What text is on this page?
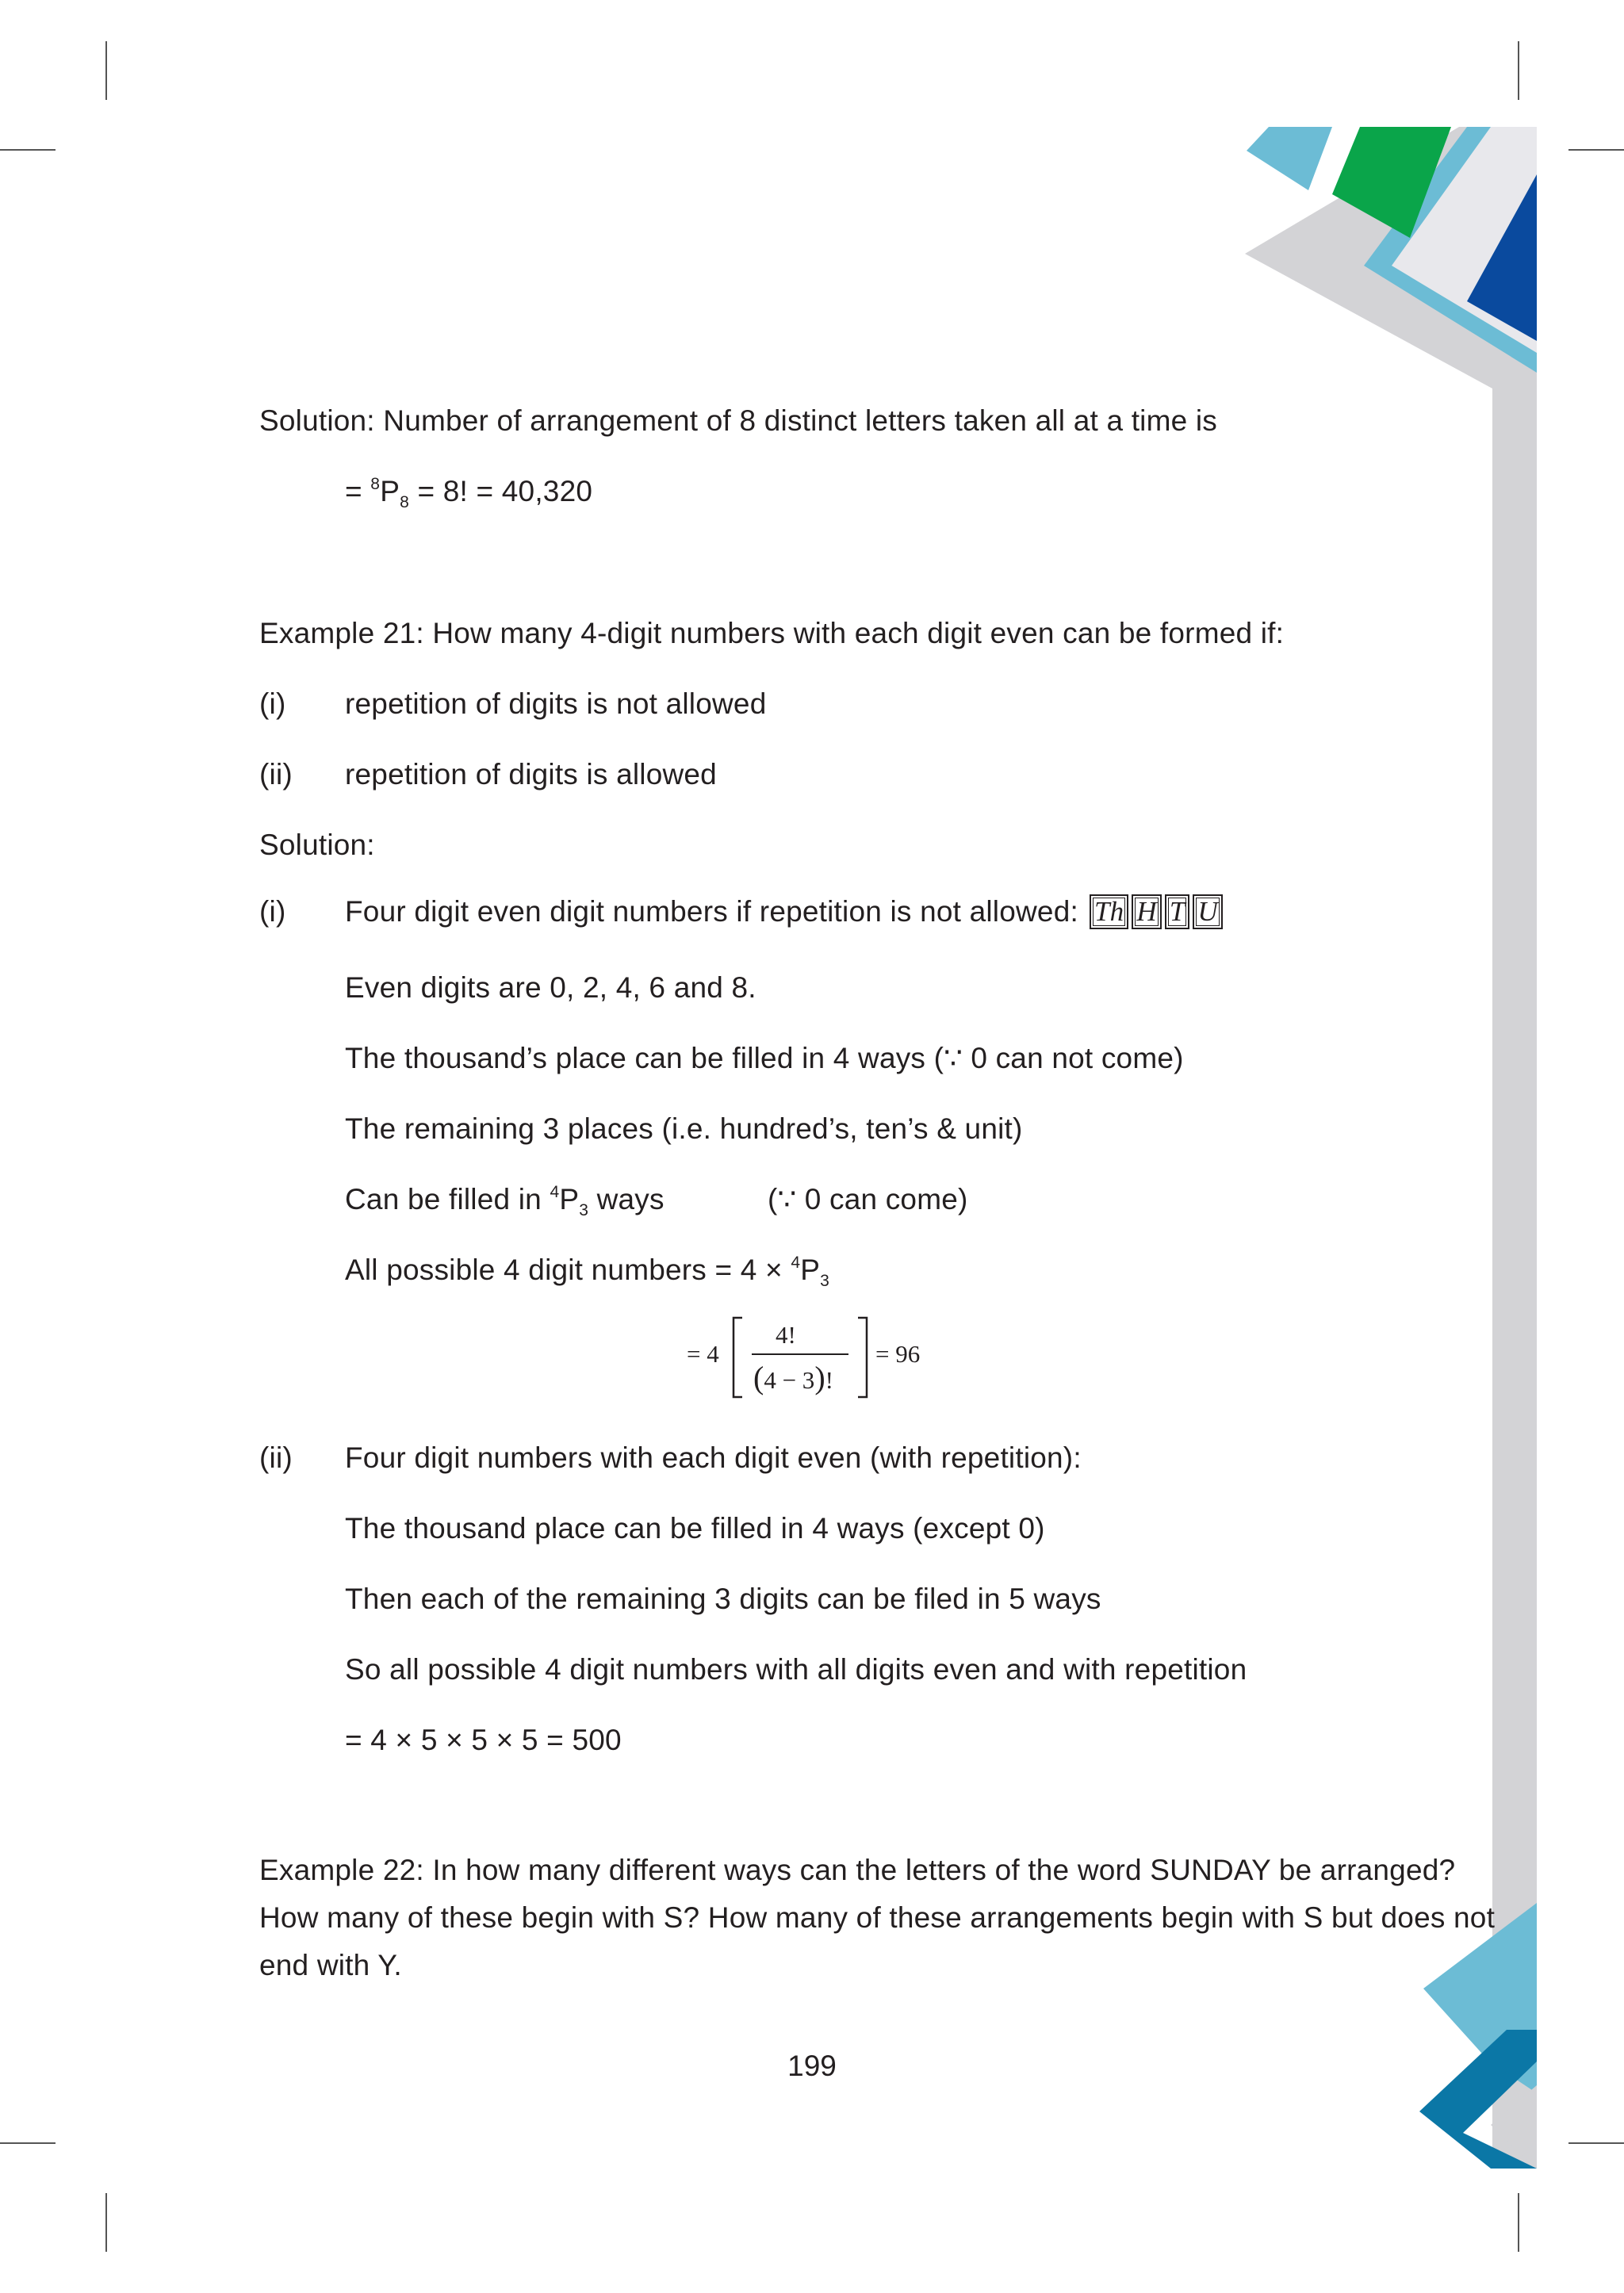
Solution: Number of arrangement of 8 distinct letters taken all at a time is
= $^8P_8 = 8$! = 40,320
Example 21: How many 4-digit numbers with each digit even can be formed if:
(i) repetition of digits is not allowed
(ii) repetition of digits is allowed
Solution:
(i) Four digit even digit numbers if repetition is not allowed: Th H T U
Even digits are 0, 2, 4, 6 and 8.
The thousand’s place can be filled in 4 ways (∵ 0 can not come)
The remaining 3 places (i.e. hundred’s, ten’s & unit)
Can be filled in $^4P_3$ ways	(∵ 0 can come)
All possible 4 digit numbers = $4 \times ^4P_3$
= 4
4!
(4 − 3)!
= 96
(ii) Four digit numbers with each digit even (with repetition):
The thousand place can be filled in 4 ways (except 0)
Then each of the remaining 3 digits can be filed in 5 ways
So all possible 4 digit numbers with all digits even and with repetition
= 4 × 5 × 5 × 5 = 500
Example 22: In how many different ways can the letters of the word SUNDAY be arranged? How many of these begin with S? How many of these arrangements begin with S but does not end with Y.
199
